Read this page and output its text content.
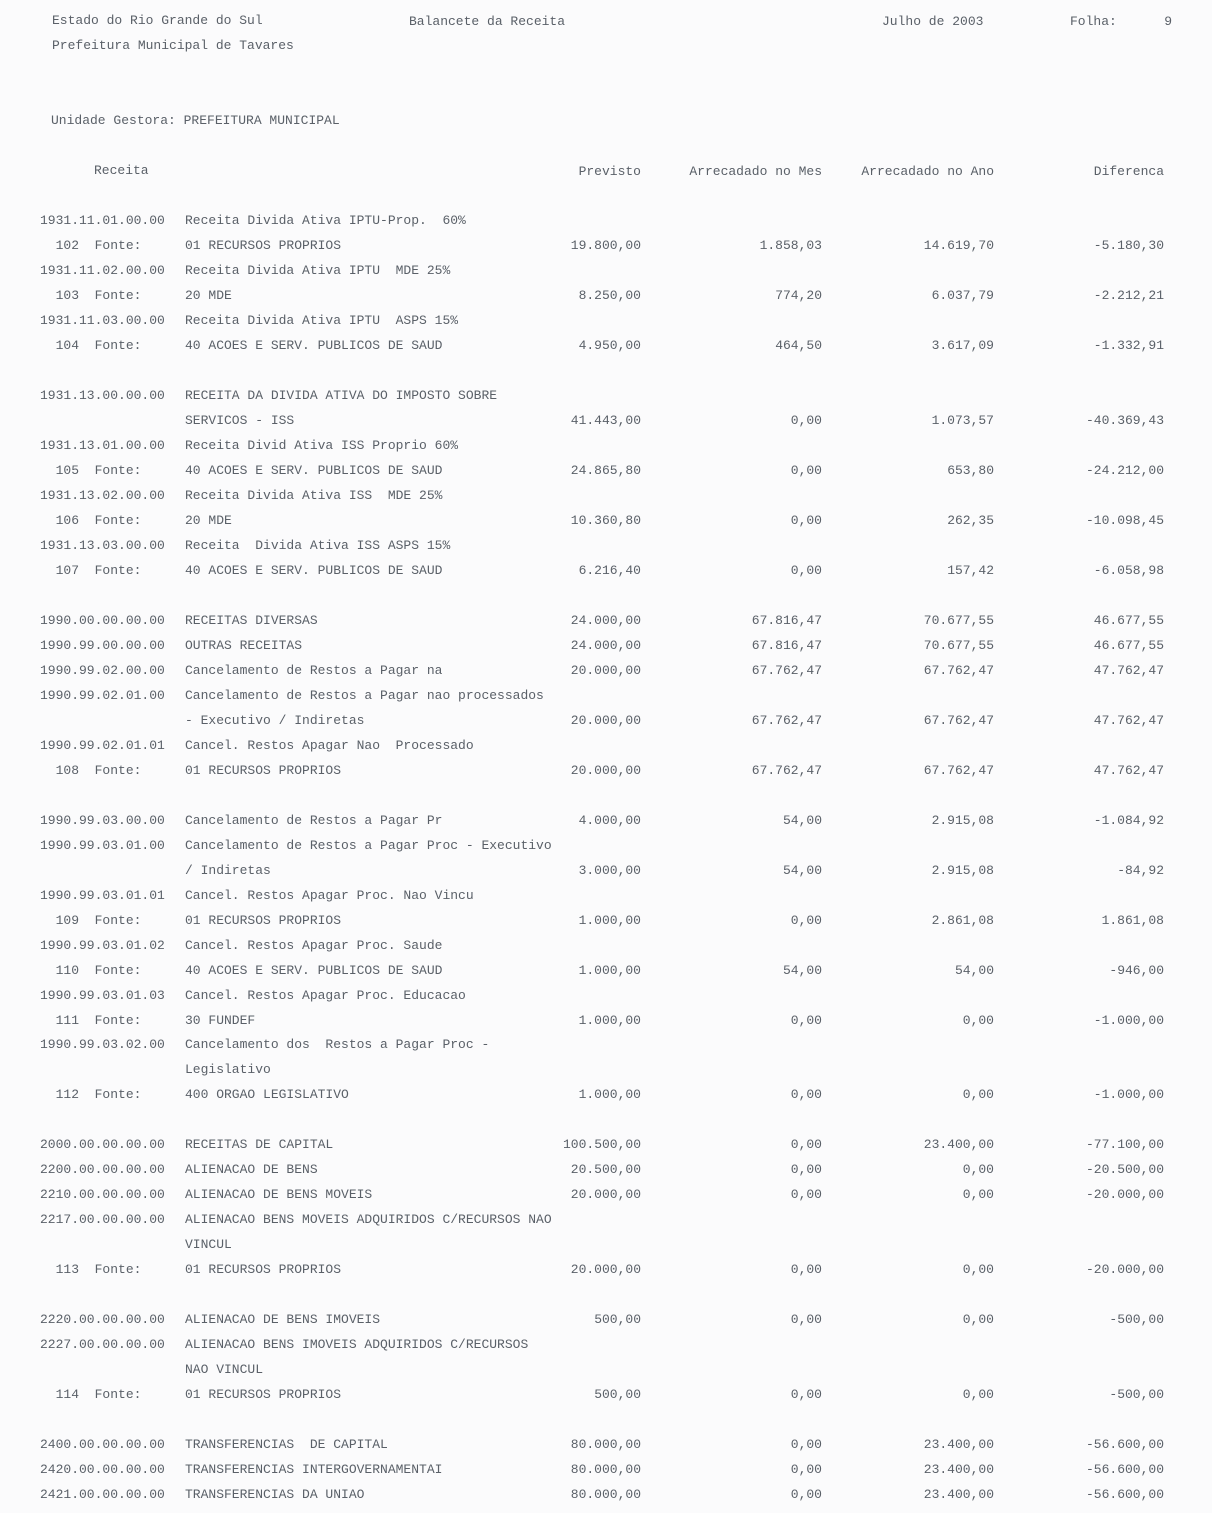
Estado do Rio Grande do Sul	Balancete da Receita	Julho de 2003	Folha:	9
Prefeitura Municipal de Tavares
Unidade Gestora: PREFEITURA MUNICIPAL
Receita	Previsto	Arrecadado no Mes	Arrecadado no Ano	Diferenca
1931.11.01.00.00 Receita Divida Ativa IPTU-Prop.  60%
102  Fonte:	01 RECURSOS PROPRIOS	19.800,00	1.858,03	14.619,70	-5.180,30
1931.11.02.00.00 Receita Divida Ativa IPTU  MDE 25%
103  Fonte:	20 MDE	8.250,00	774,20	6.037,79	-2.212,21
1931.11.03.00.00 Receita Divida Ativa IPTU  ASPS 15%
104  Fonte:	40 ACOES E SERV. PUBLICOS DE SAUD	4.950,00	464,50	3.617,09	-1.332,91
1931.13.00.00.00 RECEITA DA DIVIDA ATIVA DO IMPOSTO SOBRE
SERVICOS - ISS	41.443,00	0,00	1.073,57	-40.369,43
1931.13.01.00.00 Receita Divid Ativa ISS Proprio 60%
105  Fonte:	40 ACOES E SERV. PUBLICOS DE SAUD	24.865,80	0,00	653,80	-24.212,00
1931.13.02.00.00 Receita Divida Ativa ISS  MDE 25%
106  Fonte:	20 MDE	10.360,80	0,00	262,35	-10.098,45
1931.13.03.00.00 Receita  Divida Ativa ISS ASPS 15%
107  Fonte:	40 ACOES E SERV. PUBLICOS DE SAUD	6.216,40	0,00	157,42	-6.058,98
1990.00.00.00.00 RECEITAS DIVERSAS	24.000,00	67.816,47	70.677,55	46.677,55
1990.99.00.00.00 OUTRAS RECEITAS	24.000,00	67.816,47	70.677,55	46.677,55
1990.99.02.00.00 Cancelamento de Restos a Pagar na	20.000,00	67.762,47	67.762,47	47.762,47
1990.99.02.01.00 Cancelamento de Restos a Pagar nao processados
- Executivo / Indiretas	20.000,00	67.762,47	67.762,47	47.762,47
1990.99.02.01.01 Cancel. Restos Apagar Nao  Processado
108  Fonte:	01 RECURSOS PROPRIOS	20.000,00	67.762,47	67.762,47	47.762,47
1990.99.03.00.00 Cancelamento de Restos a Pagar Pr	4.000,00	54,00	2.915,08	-1.084,92
1990.99.03.01.00 Cancelamento de Restos a Pagar Proc - Executivo
/ Indiretas	3.000,00	54,00	2.915,08	-84,92
1990.99.03.01.01 Cancel. Restos Apagar Proc. Nao Vincu
109  Fonte:	01 RECURSOS PROPRIOS	1.000,00	0,00	2.861,08	1.861,08
1990.99.03.01.02 Cancel. Restos Apagar Proc. Saude
110  Fonte:	40 ACOES E SERV. PUBLICOS DE SAUD	1.000,00	54,00	54,00	-946,00
1990.99.03.01.03 Cancel. Restos Apagar Proc. Educacao
111  Fonte:	30 FUNDEF	1.000,00	0,00	0,00	-1.000,00
1990.99.03.02.00 Cancelamento dos  Restos a Pagar Proc -
Legislativo
112  Fonte:	400 ORGAO LEGISLATIVO	1.000,00	0,00	0,00	-1.000,00
2000.00.00.00.00 RECEITAS DE CAPITAL	100.500,00	0,00	23.400,00	-77.100,00
2200.00.00.00.00 ALIENACAO DE BENS	20.500,00	0,00	0,00	-20.500,00
2210.00.00.00.00 ALIENACAO DE BENS MOVEIS	20.000,00	0,00	0,00	-20.000,00
2217.00.00.00.00 ALIENACAO BENS MOVEIS ADQUIRIDOS C/RECURSOS NAO
VINCUL
113  Fonte:	01 RECURSOS PROPRIOS	20.000,00	0,00	0,00	-20.000,00
2220.00.00.00.00 ALIENACAO DE BENS IMOVEIS	500,00	0,00	0,00	-500,00
2227.00.00.00.00 ALIENACAO BENS IMOVEIS ADQUIRIDOS C/RECURSOS
NAO VINCUL
114  Fonte:	01 RECURSOS PROPRIOS	500,00	0,00	0,00	-500,00
2400.00.00.00.00 TRANSFERENCIAS  DE CAPITAL	80.000,00	0,00	23.400,00	-56.600,00
2420.00.00.00.00 TRANSFERENCIAS INTERGOVERNAMENTAI	80.000,00	0,00	23.400,00	-56.600,00
2421.00.00.00.00 TRANSFERENCIAS DA UNIAO	80.000,00	0,00	23.400,00	-56.600,00
